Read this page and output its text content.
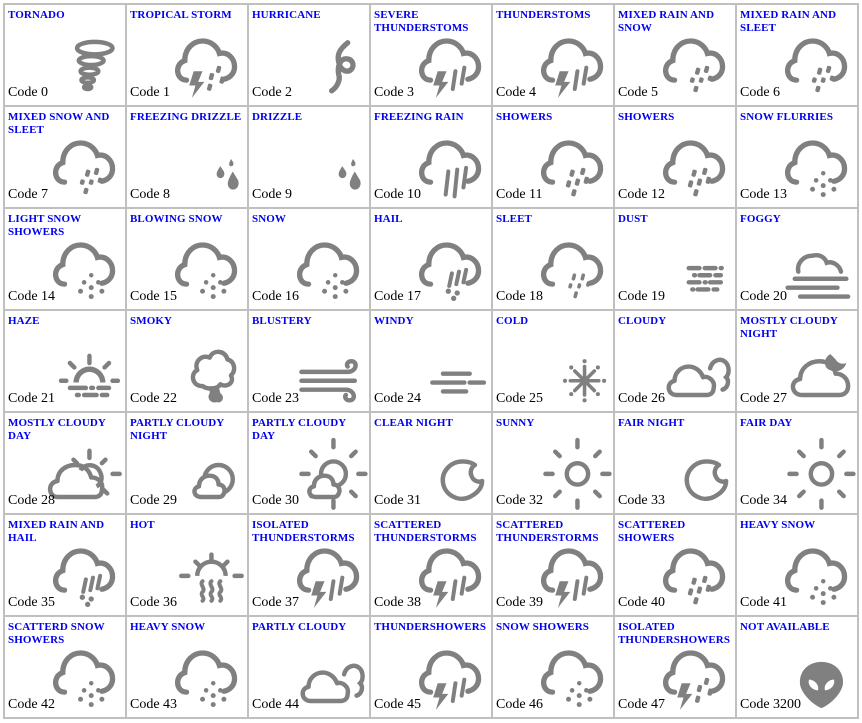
TORNADO
Code 0

TROPICAL STORM
Code 1

HURRICANE
Code 2

SEVERE THUNDERSTOMS
Code 3

THUNDERSTOMS
Code 4

MIXED RAIN AND SNOW
Code 5

MIXED RAIN AND SLEET
Code 6

MIXED SNOW AND SLEET
Code 7

FREEZING DRIZZLE
Code 8

DRIZZLE
Code 9

FREEZING RAIN
Code 10

SHOWERS
Code 11

SHOWERS
Code 12

SNOW FLURRIES
Code 13

LIGHT SNOW SHOWERS
Code 14

BLOWING SNOW
Code 15

SNOW
Code 16

HAIL
Code 17

SLEET
Code 18

DUST
Code 19

FOGGY
Code 20

HAZE
Code 21

SMOKY
Code 22

BLUSTERY
Code 23

WINDY
Code 24

COLD
Code 25

CLOUDY
Code 26

MOSTLY CLOUDY NIGHT
Code 27

MOSTLY CLOUDY DAY
Code 28

PARTLY CLOUDY NIGHT
Code 29

PARTLY CLOUDY DAY
Code 30

CLEAR NIGHT
Code 31

SUNNY
Code 32

FAIR NIGHT
Code 33

FAIR DAY
Code 34

MIXED RAIN AND HAIL
Code 35

HOT
Code 36

ISOLATED THUNDERSTORMS
Code 37

SCATTERED THUNDERSTORMS
Code 38

SCATTERED THUNDERSTORMS
Code 39

SCATTERED SHOWERS
Code 40

HEAVY SNOW
Code 41

SCATTERD SNOW SHOWERS
Code 42

HEAVY SNOW
Code 43

PARTLY CLOUDY
Code 44

THUNDERSHOWERS
Code 45

SNOW SHOWERS
Code 46

ISOLATED THUNDERSHOWERS
Code 47

NOT AVAILABLE
Code 3200
